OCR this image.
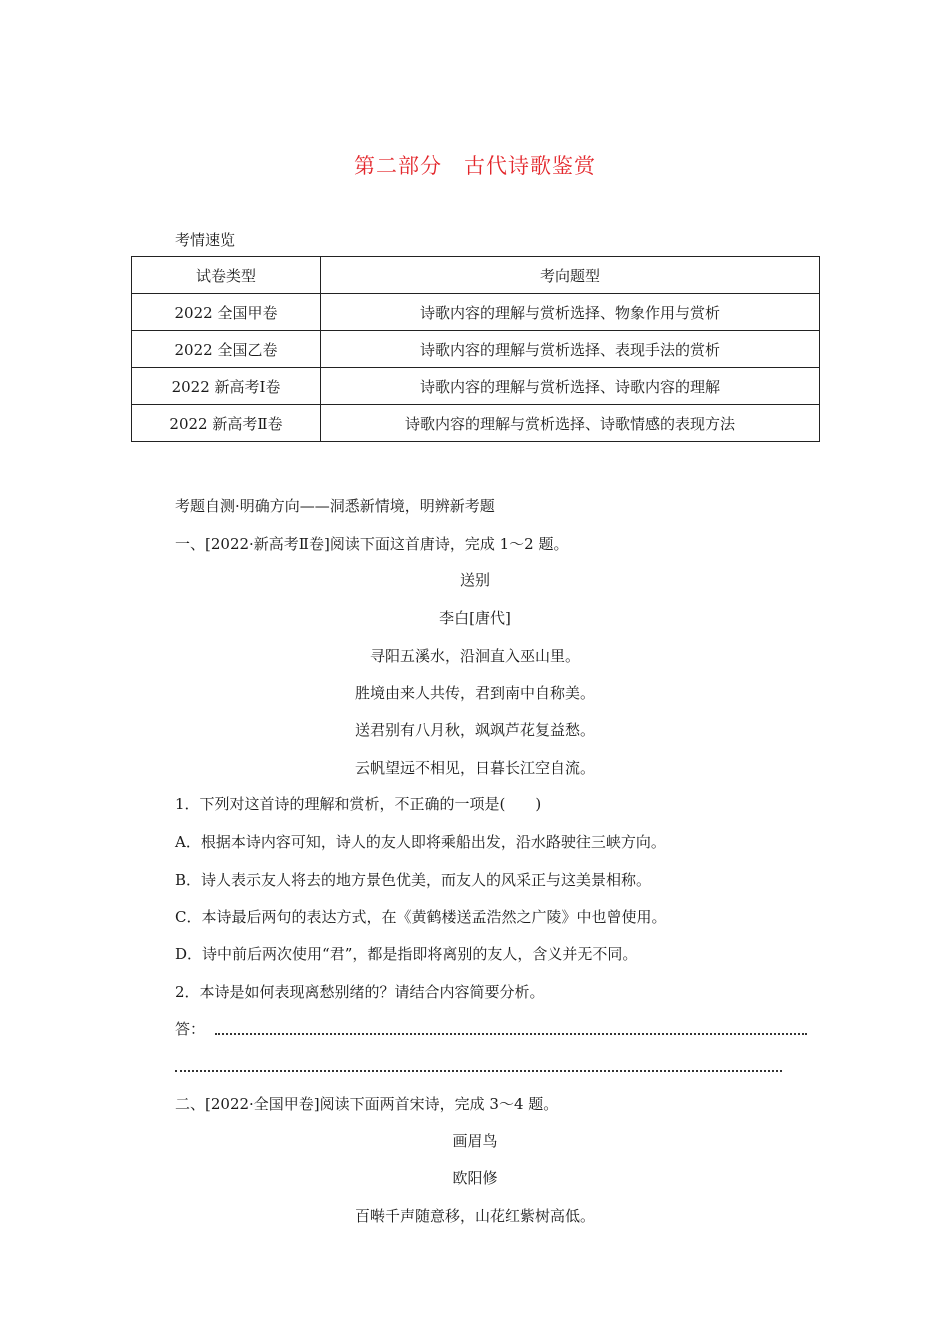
第二部分　古代诗歌鉴赏
考情速览
试卷类型	考向题型
2022 全国甲卷	诗歌内容的理解与赏析选择、物象作用与赏析
2022 全国乙卷	诗歌内容的理解与赏析选择、表现手法的赏析
2022 新高考Ⅰ卷	诗歌内容的理解与赏析选择、诗歌内容的理解
2022 新高考Ⅱ卷	诗歌内容的理解与赏析选择、诗歌情感的表现方法
考题自测·明确方向——洞悉新情境，明辨新考题
一、[2022·新高考Ⅱ卷]阅读下面这首唐诗，完成 1～2 题。
送别
李白[唐代]
寻阳五溪水，沿洄直入巫山里。
胜境由来人共传，君到南中自称美。
送君别有八月秋，飒飒芦花复益愁。
云帆望远不相见，日暮长江空自流。
1．下列对这首诗的理解和赏析，不正确的一项是(　　)
A．根据本诗内容可知，诗人的友人即将乘船出发，沿水路驶往三峡方向。
B．诗人表示友人将去的地方景色优美，而友人的风采正与这美景相称。
C．本诗最后两句的表达方式，在《黄鹤楼送孟浩然之广陵》中也曾使用。
D．诗中前后两次使用“君”，都是指即将离别的友人，含义并无不同。
2．本诗是如何表现离愁别绪的？请结合内容简要分析。
答：
二、[2022·全国甲卷]阅读下面两首宋诗，完成 3～4 题。
画眉鸟
欧阳修
百啭千声随意移，山花红紫树高低。
